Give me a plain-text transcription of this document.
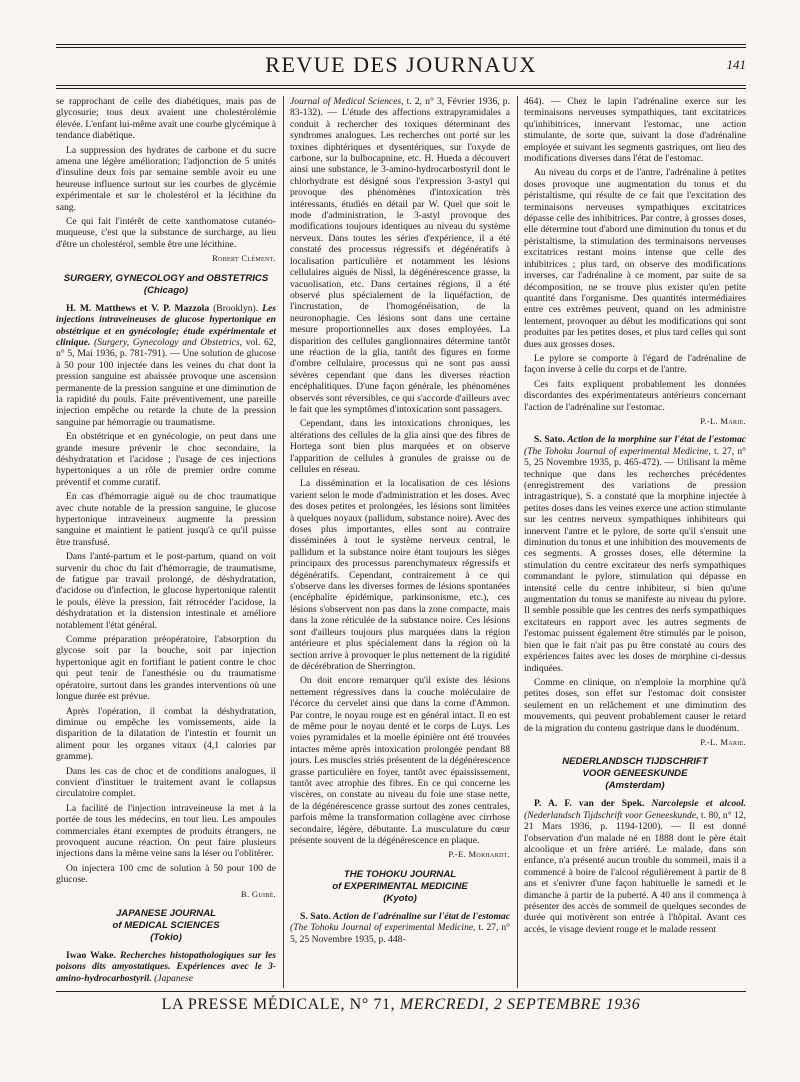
REVUE DES JOURNAUX	141

se rapprochant de celle des diabétiques, mais pas de glycosurie; tous deux avaient une cholestérolémie élevée. L'enfant lui-même avait une courbe glycémique à tendance diabétique.

La suppression des hydrates de carbone et du sucre amena une légère amélioration; l'adjonction de 5 unités d'insuline deux fois par semaine semble avoir eu une heureuse influence surtout sur les courbes de glycémie expérimentale et sur le cholestérol et la lécithine du sang.

Ce qui fait l'intérêt de cette xanthomatose cutanéo-muqueuse, c'est que la substance de surcharge, au lieu d'être un cholestérol, semble être une lécithine.

Robert Clément.
SURGERY, GYNECOLOGY and OBSTETRICS
(Chicago)

H. M. Matthews et V. P. Mazzola (Brooklyn). Les injections intraveineuses de glucose hypertonique en obstétrique et en gynécologie; étude expérimentale et clinique. (Surgery, Gynecology and Obstetrics, vol. 62, n° 5, Mai 1936, p. 781-791). — Une solution de glucose à 50 pour 100 injectée dans les veines du chat dont la pression sanguine est abaissée provoque une ascension permanente de la pression sanguine et une diminution de la rapidité du pouls. Faite préventivement, une pareille injection empêche ou retarde la chute de la pression sanguine par hémorragie ou traumatisme.

En obstétrique et en gynécologie, on peut dans une grande mesure prévenir le choc secondaire, la déshydratation et l'acidose ; l'usage de ces injections hypertoniques a un rôle de premier ordre comme préventif et comme curatif.

En cas d'hémorragie aiguë ou de choc traumatique avec chute notable de la pression sanguine, le glucose hypertonique intraveineux augmente la pression sanguine et maintient le patient jusqu'à ce qu'il puisse être transfusé.

Dans l'anté-partum et le post-partum, quand on voit survenir du choc du fait d'hémorragie, de traumatisme, de fatigue par travail prolongé, de déshydratation, d'acidose ou d'infection, le glucose hypertonique ralentit le pouls, élève la pression, fait rétrocéder l'acidose, la déshydratation et la distension intestinale et améliore notablement l'état général.

Comme préparation préopératoire, l'absorption du glycose soit par la bouche, soit par injection hypertonique agit en fortifiant le patient contre le choc qui peut tenir de l'anesthésie ou du traumatisme opératoire, surtout dans les grandes interventions où une longue durée est prévue.

Après l'opération, il combat la déshydratation, diminue ou empêche les vomissements, aide la disparition de la dilatation de l'intestin et fournit un aliment pour les organes vitaux (4,1 calories par gramme).

Dans les cas de choc et de conditions analogues, il convient d'instituer le traitement avant le collapsus circulatoire complet.

La facilité de l'injection intraveineuse la met à la portée de tous les médecins, en tout lieu. Les ampoules commerciales étant exemptes de produits étrangers, ne provoquent aucune réaction. On peut faire plusieurs injections dans la même veine sans la léser ou l'oblitérer.

On injectera 100 cmc de solution à 50 pour 100 de glucose.

B. Guibé.
JAPANESE JOURNAL
of MEDICAL SCIENCES
(Tokio)

Iwao Wake. Recherches histopathologiques sur les poisons dits amyostatiques. Expériences avec le 3-amino-hydrocarbostyril. (Japanese

Journal of Medical Sciences, t. 2, n° 3, Février 1936, p. 83-132). — L'étude des affections extrapyramidales a conduit à rechercher des toxiques déterminant des syndromes analogues. Les recherches ont porté sur les toxines diphtériques et dysentériques, sur l'oxyde de carbone, sur la bulbocapnine, etc. H. Hueda a découvert ainsi une substance, le 3-amino-hydrocarbostyril dont le chlorhydrate est désigné sous l'expression 3-astyl qui provoque des phénomènes d'intoxication très intéressants, étudiés en détail par W. Quel que soit le mode d'administration, le 3-astyl provoque des modifications toujours identiques au niveau du système nerveux. Dans toutes les séries d'expérience, il a été constaté des processus régressifs et dégénératifs à localisation particulière et notamment les lésions cellulaires aiguës de Nissl, la dégénérescence grasse, la vacuolisation, etc. Dans certaines régions, il a été observé plus spécialement de la liquéfaction, de l'incrustation, de l'homogénéisation, de la neuronophagie. Ces lésions sont dans une certaine mesure proportionnelles aux doses employées. La disparition des cellules ganglionnaires détermine tantôt une réaction de la glia, tantôt des figures en forme d'ombre cellulaire, processus qui ne sont pas aussi sévères cependant que dans les diverses réaction encéphalitiques. D'une façon générale, les phénomènes observés sont réversibles, ce qui s'accorde d'ailleurs avec le fait que les symptômes d'intoxication sont passagers.

Cependant, dans les intoxications chroniques, les altérations des cellules de la glia ainsi que des fibres de Hortega sont bien plus marquées et on observe l'apparition de cellules à granules de graisse ou de cellules en réseau.

La dissémination et la localisation de ces lésions varient selon le mode d'administration et les doses. Avec des doses petites et prolongées, les lésions sont limitées à quelques noyaux (pallidum, substance noire). Avec des doses plus importantes, elles sont au contraire disséminées à tout le système nerveux central, le pallidum et la substance noire étant toujours les sièges principaux des processus parenchymateux régressifs et dégénératifs. Cependant, contrairement à ce qui s'observe dans les diverses formes de lésions spontanées (encéphalite épidémique, parkinsonisme, etc.), ces lésions s'observent non pas dans la zone compacte, mais dans la zone réticulée de la substance noire. Ces lésions sont d'ailleurs toujours plus marquées dans la région antérieure et plus spécialement dans la région où la section arrive à provoquer le plus nettement de la rigidité de décérébration de Sherrington.

On doit encore remarquer qu'il existe des lésions nettement régressives dans la couche moléculaire de l'écorce du cervelet ainsi que dans la corne d'Ammon. Par contre, le noyau rouge est en général intact. Il en est de même pour le noyau denté et le corps de Luys. Les voies pyramidales et la moelle épinière ont été trouvées intactes même après intoxication prolongée pendant 88 jours. Les muscles striés présentent de la dégénérescence grasse particulière en foyer, tantôt avec épaississement, tantôt avec atrophie des fibres. En ce qui concerne les viscères, on constate au niveau du foie une stase nette, de la dégénérescence grasse surtout des zones centrales, parfois même la transformation collagène avec cirrhose secondaire, légère, débutante. La musculature du cœur présente souvent de la dégénérescence en plaque.

P.-E. Morhardt.
THE TOHOKU JOURNAL
of EXPERIMENTAL MEDICINE
(Kyoto)

S. Sato. Action de l'adrénaline sur l'état de l'estomac (The Tohoku Journal of experimental Medicine, t. 27, n° 5, 25 Novembre 1935, p. 448-

464). — Chez le lapin l'adrénaline exerce sur les terminaisons nerveuses sympathiques, tant excitatrices qu'inhibitrices, innervant l'estomac, une action stimulante, de sorte que, suivant la dose d'adrénaline employée et suivant les segments gastriques, ont lieu des modifications diverses dans l'état de l'estomac.

Au niveau du corps et de l'antre, l'adrénaline à petites doses provoque une augmentation du tonus et du péristaltisme, qui résulte de ce fait que l'excitation des terminaisons nerveuses sympathiques excitatrices dépasse celle des inhibitrices. Par contre, à grosses doses, elle détermine tout d'abord une diminution du tonus et du péristaltisme, la stimulation des terminaisons nerveuses excitatrices restant moins intense que celle des inhibitrices ; plus tard, on observe des modifications inverses, car l'adrénaline à ce moment, par suite de sa décomposition, ne se trouve plus exister qu'en petite quantité dans l'organisme. Des quantités intermédiaires entre ces extrêmes peuvent, quand on les administre lentement, provoquer au début les modifications qui sont produites par les petites doses, et plus tard celles qui sont dues aux grosses doses.

Le pylore se comporte à l'égard de l'adrénaline de façon inverse à celle du corps et de l'antre.

Ces faits expliquent probablement les données discordantes des expérimentateurs antérieurs concernant l'action de l'adrénaline sur l'estomac.

P.-L. Marie.

S. Sato. Action de la morphine sur l'état de l'estomac (The Tohoku Journal of experimental Medicine, t. 27, n° 5, 25 Novembre 1935, p. 465-472). — Utilisant la même technique que dans les recherches précédentes (enregistrement des variations de pression intragastrique), S. a constaté que la morphine injectée à petites doses dans les veines exerce une action stimulante sur les centres nerveux sympathiques inhibiteurs qui innervent l'antre et le pylore, de sorte qu'il s'ensuit une diminution du tonus et une inhibition des mouvements de ces segments. A grosses doses, elle détermine la stimulation du centre excitateur des nerfs sympathiques commandant le pylore, stimulation qui dépasse en intensité celle du centre inhibiteur, si bien qu'une augmentation du tonus se manifeste au niveau du pylore. Il semble possible que les centres des nerfs sympathiques excitateurs en rapport avec les autres segments de l'estomac puissent également être stimulés par le poison, bien que le fait n'ait pas pu être constaté au cours des expériences faites avec les doses de morphine ci-dessus indiquées.

Comme en clinique, on n'emploie la morphine qu'à petites doses, son effet sur l'estomac doit consister seulement en un relâchement et une diminution des mouvements, qui peuvent probablement causer le retard de la migration du contenu gastrique dans le duodénum.

P.-L. Marie.
NEDERLANDSCH TIJDSCHRIFT
VOOR GENEESKUNDE
(Amsterdam)

P. A. F. van der Spek. Narcolepsie et alcool. (Nederlandsch Tijdschrift voor Geneeskunde, t. 80, n° 12, 21 Mars 1936, p. 1194-1200). — Il est donné l'observation d'un malade né en 1888 dont le père était alcoolique et un frère arriéré. Le malade, dans son enfance, n'a présenté aucun trouble du sommeil, mais il a commencé à boire de l'alcool régulièrement à partir de 8 ans et s'enivrer d'une façon habituelle le samedi et le dimanche à partir de la puberté. A 40 ans il commença à présenter des accès de sommeil de quelques secondes de durée qui motivèrent son entrée à l'hôpital. Avant ces accès, le visage devient rouge et le malade ressent

LA PRESSE MÉDICALE, N° 71, MERCREDI, 2 SEPTEMBRE 1936
